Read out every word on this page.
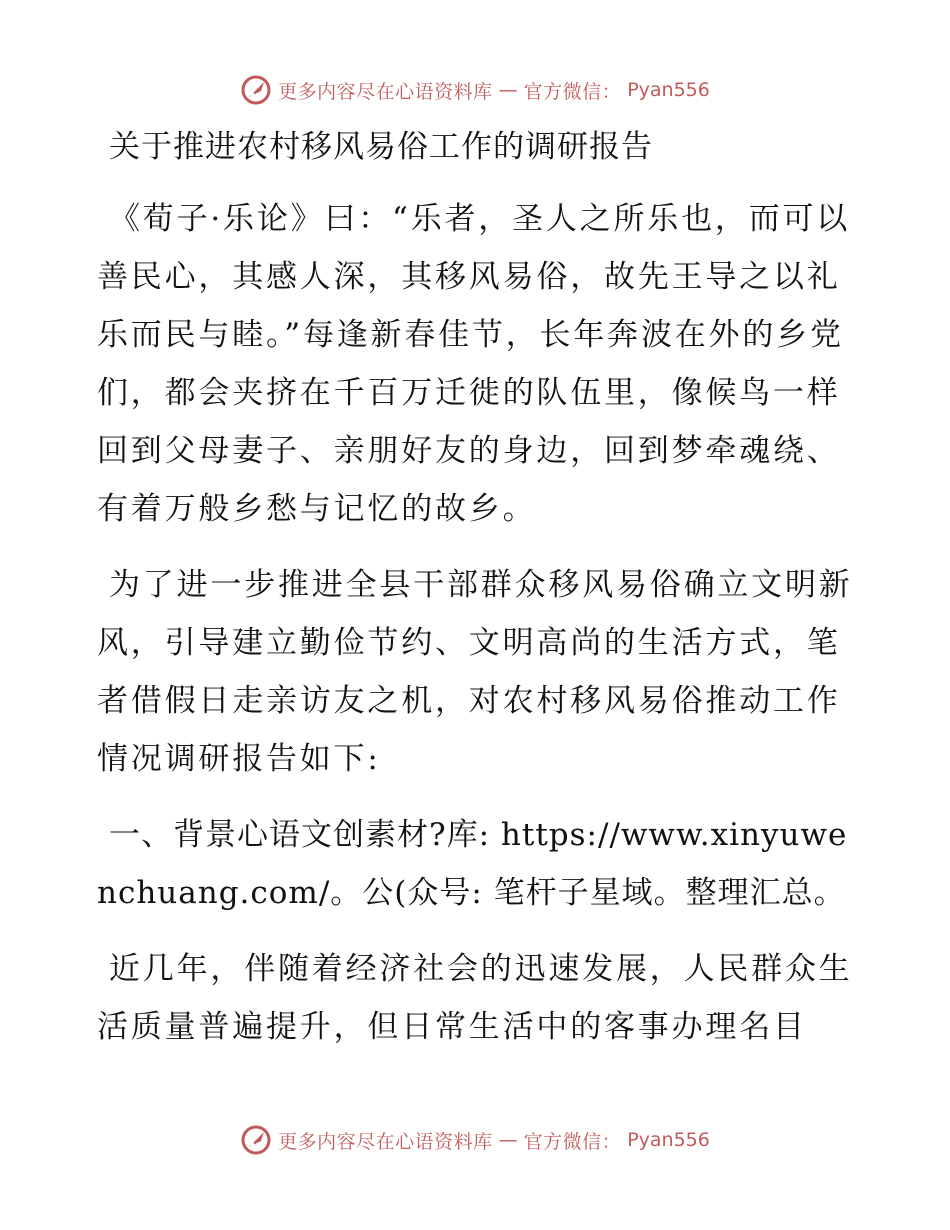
更多内容尽在心语资料库 — 官方微信： Pyan556
关于推进农村移风易俗工作的调研报告

《荀子·乐论》曰：“乐者，圣人之所乐也，而可以善民心，其感人深，其移风易俗，故先王导之以礼乐而民与睦。”每逢新春佳节，长年奔波在外的乡党们，都会夹挤在千百万迁徙的队伍里，像候鸟一样回到父母妻子、亲朋好友的身边，回到梦牵魂绕、有着万般乡愁与记忆的故乡。

为了进一步推进全县干部群众移风易俗确立文明新风，引导建立勤俭节约、文明高尚的生活方式，笔者借假日走亲访友之机，对农村移风易俗推动工作情况调研报告如下:

一、背景心语文创素材?库: https://www.xinyuwenchuang.com/。公(众号: 笔杆子星域。整理汇总。

近几年，伴随着经济社会的迅速发展，人民群众生活质量普遍提升，但日常生活中的客事办理名目

更多内容尽在心语资料库 — 官方微信： Pyan556
